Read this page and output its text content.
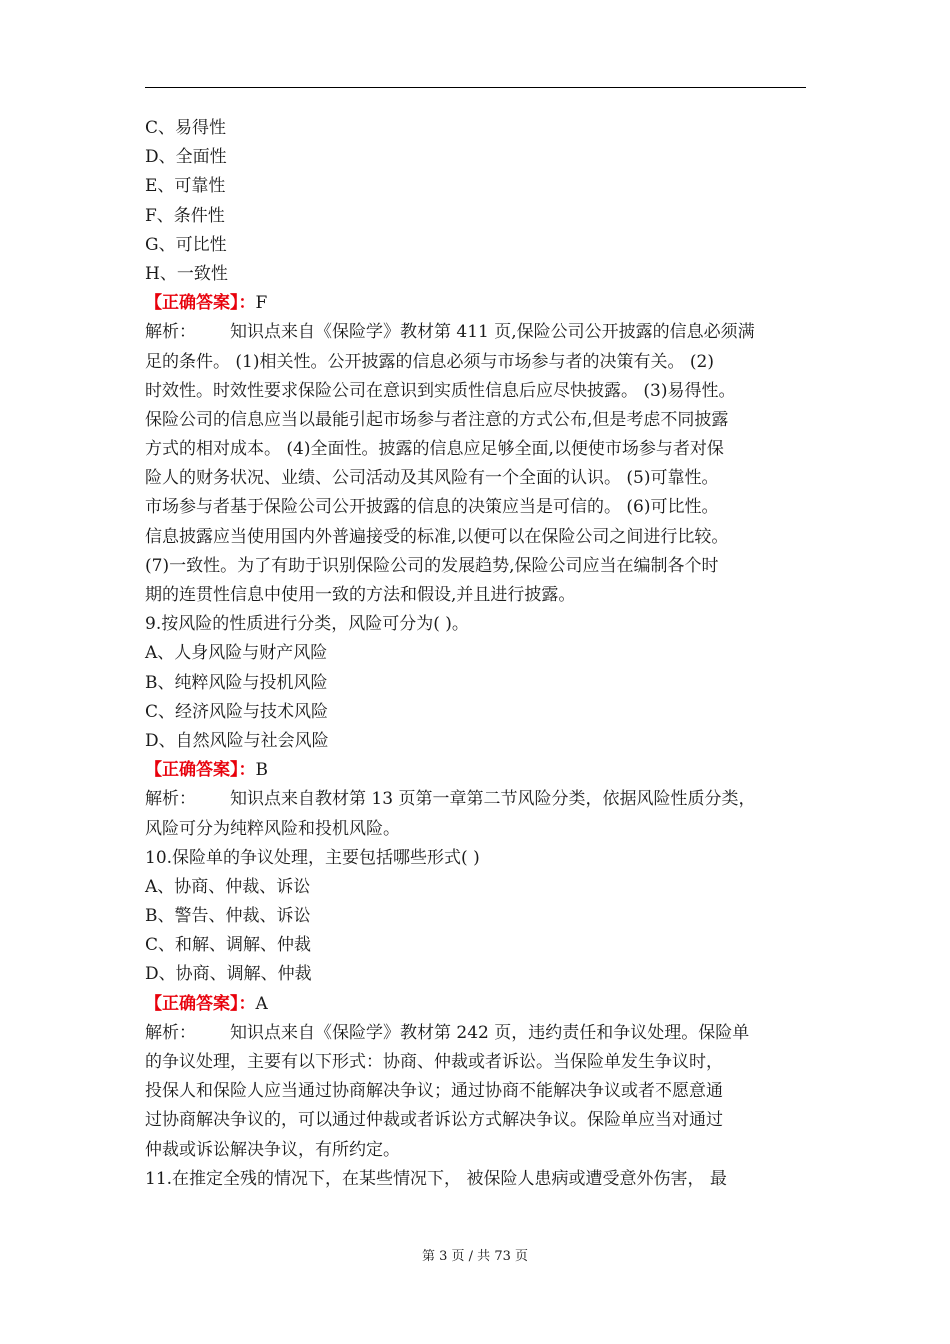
C、易得性
D、全面性
E、可靠性
F、条件性
G、可比性
H、一致性
【正确答案】：F
解析： 知识点来自《保险学》教材第 411 页,保险公司公开披露的信息必须满
足的条件。 (1)相关性。公开披露的信息必须与市场参与者的决策有关。 (2)
时效性。时效性要求保险公司在意识到实质性信息后应尽快披露。 (3)易得性。
保险公司的信息应当以最能引起市场参与者注意的方式公布,但是考虑不同披露
方式的相对成本。 (4)全面性。披露的信息应足够全面,以便使市场参与者对保
险人的财务状况、业绩、公司活动及其风险有一个全面的认识。 (5)可靠性。
市场参与者基于保险公司公开披露的信息的决策应当是可信的。 (6)可比性。
信息披露应当使用国内外普遍接受的标准,以便可以在保险公司之间进行比较。
(7)一致性。为了有助于识别保险公司的发展趋势,保险公司应当在编制各个时
期的连贯性信息中使用一致的方法和假设,并且进行披露。
9.按风险的性质进行分类，风险可分为( )。
A、人身风险与财产风险
B、纯粹风险与投机风险
C、经济风险与技术风险
D、自然风险与社会风险
【正确答案】：B
解析： 知识点来自教材第 13 页第一章第二节风险分类，依据风险性质分类，
风险可分为纯粹风险和投机风险。
10.保险单的争议处理，主要包括哪些形式( )
A、协商、仲裁、诉讼
B、警告、仲裁、诉讼
C、和解、调解、仲裁
D、协商、调解、仲裁
【正确答案】：A
解析： 知识点来自《保险学》教材第 242 页，违约责任和争议处理。保险单
的争议处理，主要有以下形式：协商、仲裁或者诉讼。当保险单发生争议时，
投保人和保险人应当通过协商解决争议；通过协商不能解决争议或者不愿意通
过协商解决争议的，可以通过仲裁或者诉讼方式解决争议。保险单应当对通过
仲裁或诉讼解决争议，有所约定。
11.在推定全残的情况下，在某些情况下， 被保险人患病或遭受意外伤害， 最
第 3 页 / 共 73 页
